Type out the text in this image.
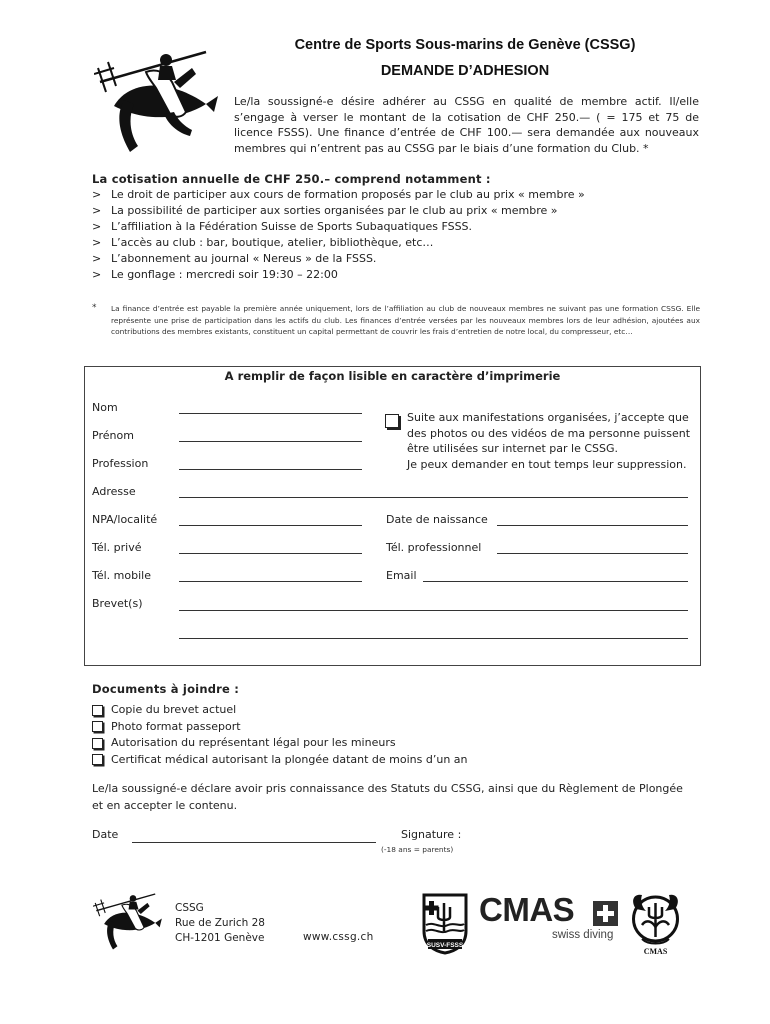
Centre de Sports Sous-marins de Genève (CSSG)
DEMANDE D’ADHESION

Le/la soussigné-e désire adhérer au CSSG en qualité de membre actif. Il/elle s’engage à verser le montant de la cotisation de CHF 250.— ( = 175 et 75 de licence FSSS). Une finance d’entrée de CHF 100.— sera demandée aux nouveaux membres qui n’entrent pas au CSSG par le biais d’une formation du Club. *

La cotisation annuelle de CHF 250.– comprend notamment :
> Le droit de participer aux cours de formation proposés par le club au prix « membre »
> La possibilité de participer aux sorties organisées par le club au prix « membre »
> L’affiliation à la Fédération Suisse de Sports Subaquatiques FSSS.
> L’accès au club : bar, boutique, atelier, bibliothèque, etc…
> L’abonnement au journal « Nereus » de la FSSS.
> Le gonflage : mercredi soir 19:30 – 22:00
*	La finance d’entrée est payable la première année uniquement, lors de l’affiliation au club de nouveaux membres ne suivant pas une formation CSSG. Elle représente une prise de participation dans les actifs du club. Les finances d’entrée versées par les nouveaux membres lors de leur adhésion, ajoutées aux contributions des membres existants, constituent un capital permettant de couvrir les frais d’entretien de notre local, du compresseur, etc…
A remplir de façon lisible en caractère d’imprimerie
Nom
Prénom
Profession
Suite aux manifestations organisées, j’accepte que
des photos ou des vidéos de ma personne puissent
être utilisées sur internet par le CSSG.
Je peux demander en tout temps leur suppression.
Adresse
NPA/localité	Date de naissance
Tél. privé	Tél. professionnel
Tél. mobile	Email
Brevet(s)
Documents à joindre :
Copie du brevet actuel
Photo format passeport
Autorisation du représentant légal pour les mineurs
Certificat médical autorisant la plongée datant de moins d’un an
Le/la soussigné-e déclare avoir pris connaissance des Statuts du CSSG, ainsi que du Règlement de Plongée
et en accepter le contenu.
Date	Signature :
(-18 ans = parents)
CSSG
Rue de Zurich 28
CH-1201 Genève	www.cssg.ch
SUSV-FSSS
CMAS
swiss diving
CMAS
